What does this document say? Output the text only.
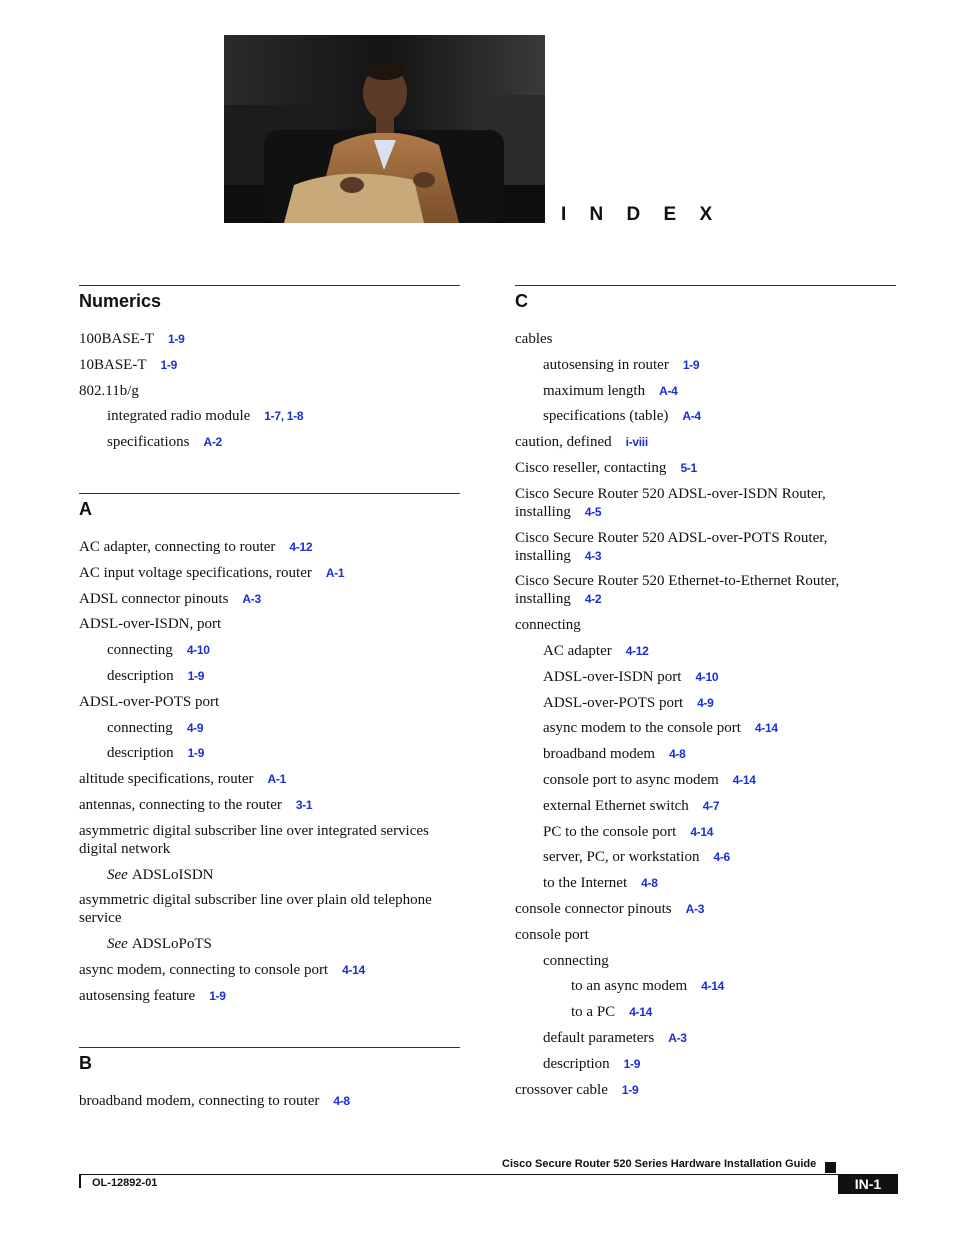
I N D E X
Numerics
100BASE-T 1-9
10BASE-T 1-9
802.11b/g
integrated radio module 1-7, 1-8
specifications A-2
A
AC adapter, connecting to router 4-12
AC input voltage specifications, router A-1
ADSL connector pinouts A-3
ADSL-over-ISDN, port
connecting 4-10
description 1-9
ADSL-over-POTS port
connecting 4-9
description 1-9
altitude specifications, router A-1
antennas, connecting to the router 3-1
asymmetric digital subscriber line over integrated services digital network
See ADSLoISDN
asymmetric digital subscriber line over plain old telephone service
See ADSLoPoTS
async modem, connecting to console port 4-14
autosensing feature 1-9
B
broadband modem, connecting to router 4-8
C
cables
autosensing in router 1-9
maximum length A-4
specifications (table) A-4
caution, defined i-viii
Cisco reseller, contacting 5-1
Cisco Secure Router 520 ADSL-over-ISDN Router, installing 4-5
Cisco Secure Router 520 ADSL-over-POTS Router, installing 4-3
Cisco Secure Router 520 Ethernet-to-Ethernet Router, installing 4-2
connecting
AC adapter 4-12
ADSL-over-ISDN port 4-10
ADSL-over-POTS port 4-9
async modem to the console port 4-14
broadband modem 4-8
console port to async modem 4-14
external Ethernet switch 4-7
PC to the console port 4-14
server, PC, or workstation 4-6
to the Internet 4-8
console connector pinouts A-3
console port
connecting
to an async modem 4-14
to a PC 4-14
default parameters A-3
description 1-9
crossover cable 1-9
Cisco Secure Router 520 Series Hardware Installation Guide
OL-12892-01	IN-1
